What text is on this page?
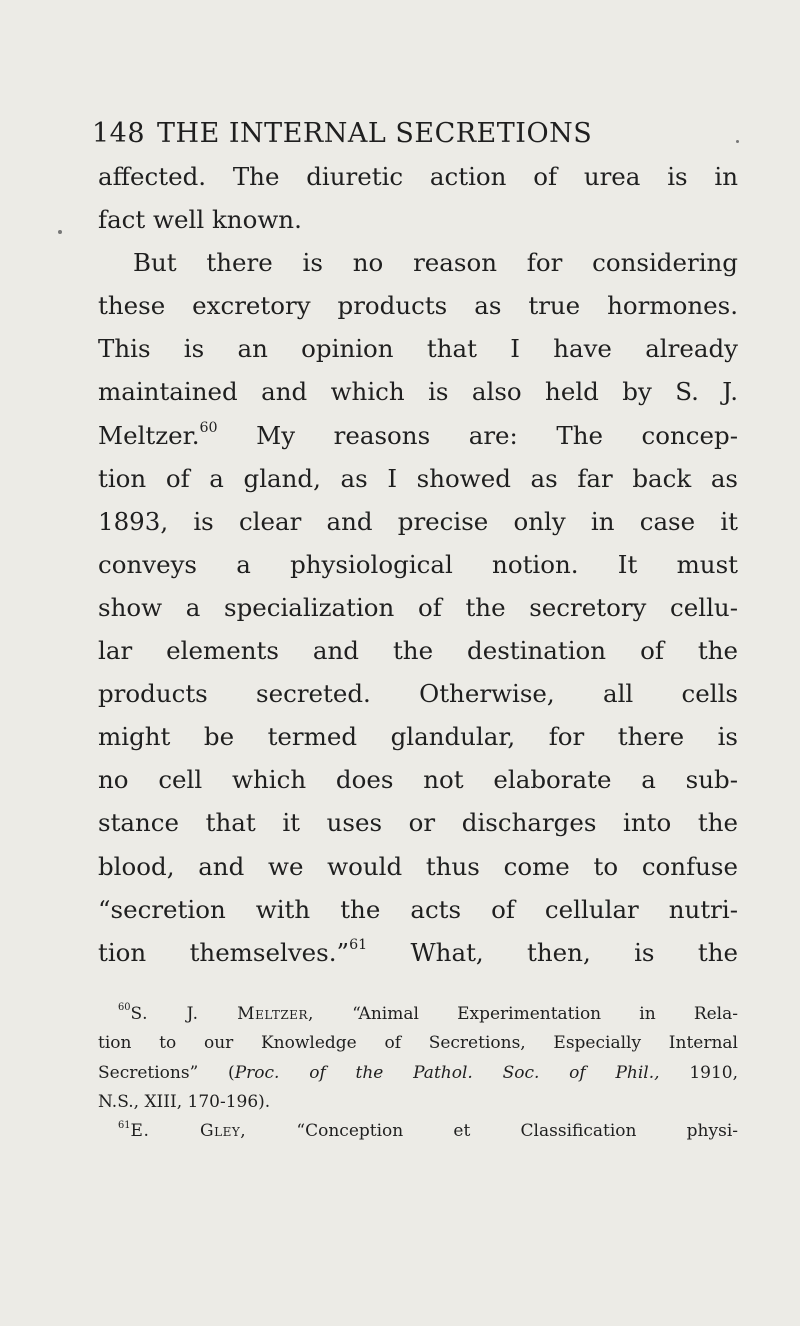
148 THE INTERNAL SECRETIONS
affected. The diuretic action of urea is in
fact well known.
But there is no reason for considering
these excretory products as true hormones.
This is an opinion that I have already
maintained and which is also held by S. J.
Meltzer.$^{60}$ My reasons are: The concep-
tion of a gland, as I showed as far back as
1893, is clear and precise only in case it
conveys a physiological notion. It must
show a specialization of the secretory cellu-
lar elements and the destination of the
products secreted. Otherwise, all cells
might be termed glandular, for there is
no cell which does not elaborate a sub-
stance that it uses or discharges into the
blood, and we would thus come to confuse
“secretion with the acts of cellular nutri-
tion themselves.”$^{61}$ What, then, is the
$^{60}$S. J. Meltzer, “Animal Experimentation in Rela-
tion to our Knowledge of Secretions, Especially Internal
Secretions” (Proc. of the Pathol. Soc. of Phil., 1910,
N.S., XIII, 170-196).
$^{61}$E. Gley,	“Conception et Classification physi-
